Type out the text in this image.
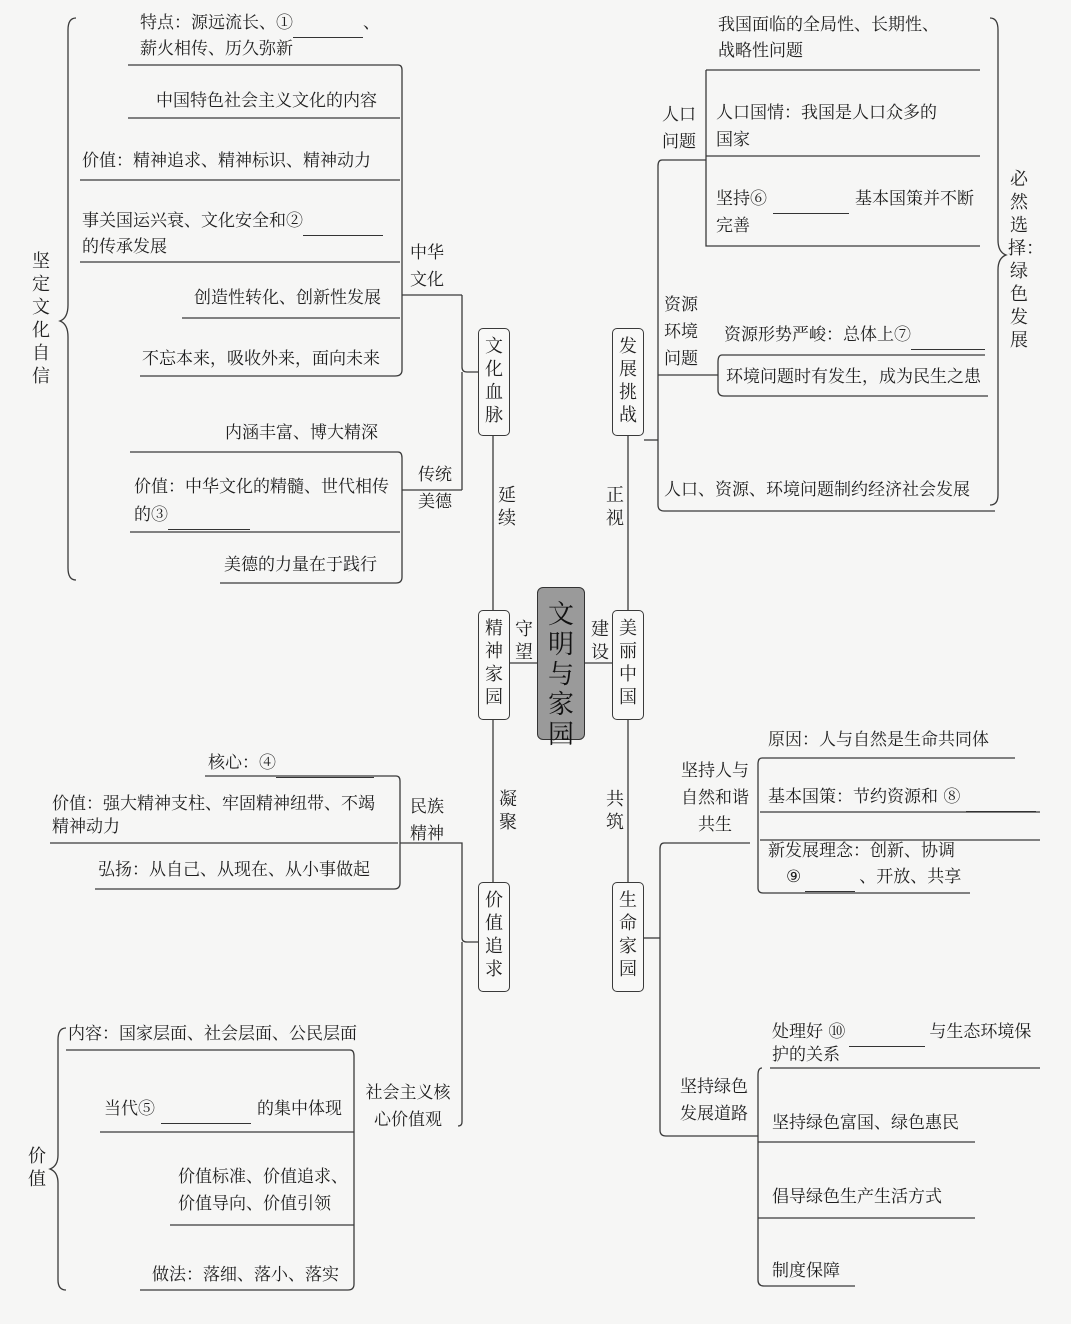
文明与家园
文化血脉
精神家园
价值追求
发展挑战
美丽中国
生命家园
延续
守望
凝聚
正视
建设
共筑
坚定文化自信
中华文化
特点：源远流长、①	、
薪火相传、历久弥新
中国特色社会主义文化的内容
价值：精神追求、精神标识、精神动力
事关国运兴衰、文化安全和②
的传承发展
创造性转化、创新性发展
不忘本来，吸收外来，面向未来
传统美德
内涵丰富、博大精深
价值：中华文化的精髓、世代相传
的③
美德的力量在于践行
民族精神
核心：④
价值：强大精神支柱、牢固精神纽带、不竭
精神动力
弘扬：从自己、从现在、从小事做起
社会主义核心价值观
价值
内容：国家层面、社会层面、公民层面
当代⑤	的集中体现
价值标准、价值追求、
价值导向、价值引领
做法：落细、落小、落实
必然选择：绿色发展
人口问题
我国面临的全局性、长期性、
战略性问题
人口国情：我国是人口众多的
国家
坚持⑥	基本国策并不断
完善
资源环境问题
资源形势严峻：总体上⑦
环境问题时有发生，成为民生之患
人口、资源、环境问题制约经济社会发展
坚持人与自然和谐共生
原因：人与自然是生命共同体
基本国策：节约资源和 ⑧
新发展理念：创新、协调
⑨	、开放、共享
坚持绿色发展道路
处理好 ⑩	与生态环境保
护的关系
坚持绿色富国、绿色惠民
倡导绿色生产生活方式
制度保障
